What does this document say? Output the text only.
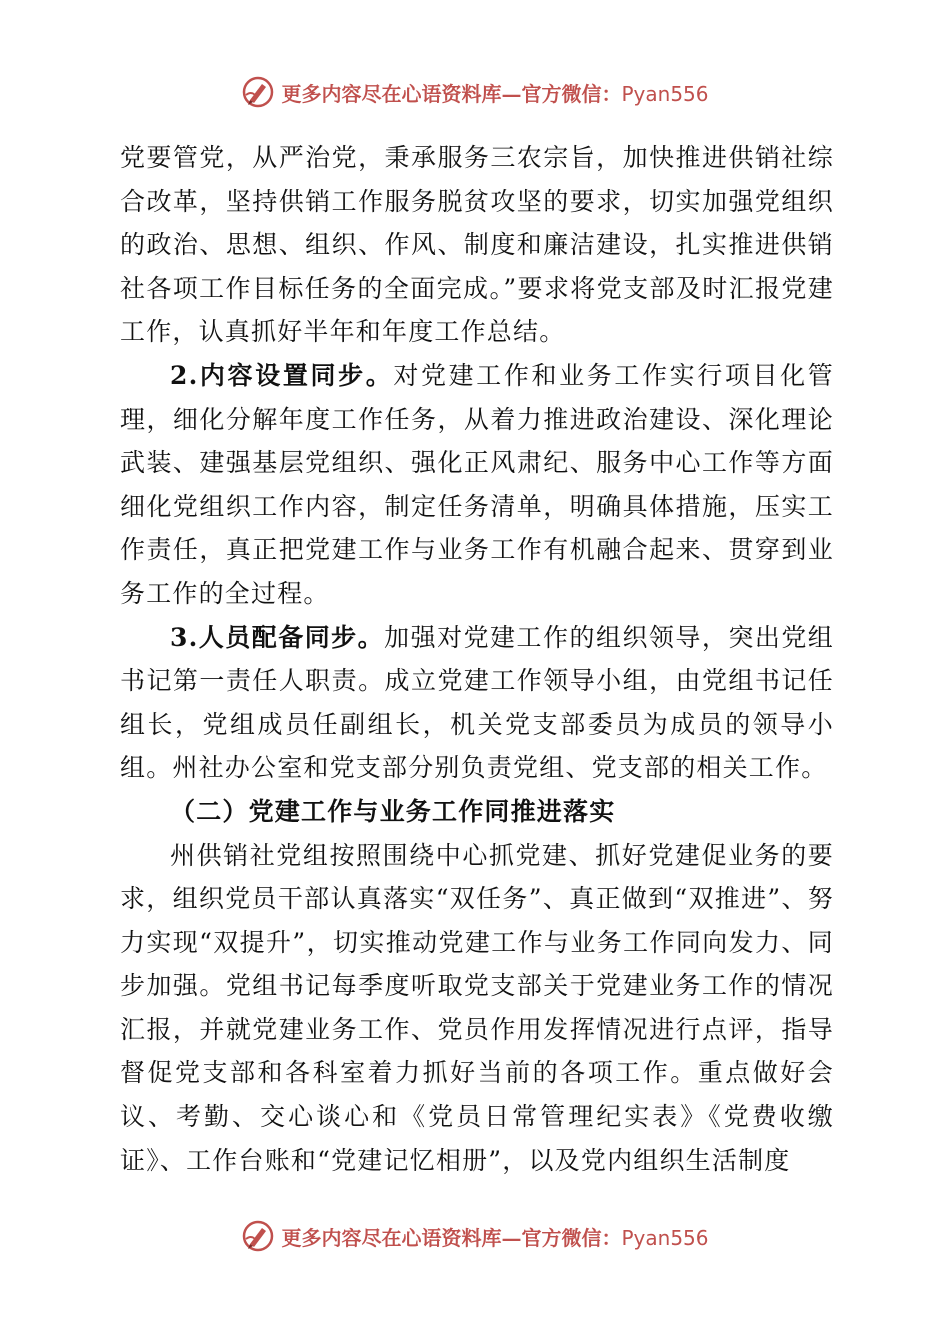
更多内容尽在心语资料库—官方微信：Pyan556

党要管党，从严治党，秉承服务三农宗旨，加快推进供销社综合改革，坚持供销工作服务脱贫攻坚的要求，切实加强党组织的政治、思想、组织、作风、制度和廉洁建设，扎实推进供销社各项工作目标任务的全面完成。”要求将党支部及时汇报党建工作，认真抓好半年和年度工作总结。

2.内容设置同步。对党建工作和业务工作实行项目化管理，细化分解年度工作任务，从着力推进政治建设、深化理论武装、建强基层党组织、强化正风肃纪、服务中心工作等方面细化党组织工作内容，制定任务清单，明确具体措施，压实工作责任，真正把党建工作与业务工作有机融合起来、贯穿到业务工作的全过程。

3.人员配备同步。加强对党建工作的组织领导，突出党组书记第一责任人职责。成立党建工作领导小组，由党组书记任组长，党组成员任副组长，机关党支部委员为成员的领导小组。州社办公室和党支部分别负责党组、党支部的相关工作。

（二）党建工作与业务工作同推进落实

州供销社党组按照围绕中心抓党建、抓好党建促业务的要求，组织党员干部认真落实“双任务”、真正做到“双推进”、努力实现“双提升”，切实推动党建工作与业务工作同向发力、同步加强。党组书记每季度听取党支部关于党建业务工作的情况汇报，并就党建业务工作、党员作用发挥情况进行点评，指导督促党支部和各科室着力抓好当前的各项工作。重点做好会议、考勤、交心谈心和《党员日常管理纪实表》《党费收缴证》、工作台账和“党建记忆相册”，以及党内组织生活制度

更多内容尽在心语资料库—官方微信：Pyan556
